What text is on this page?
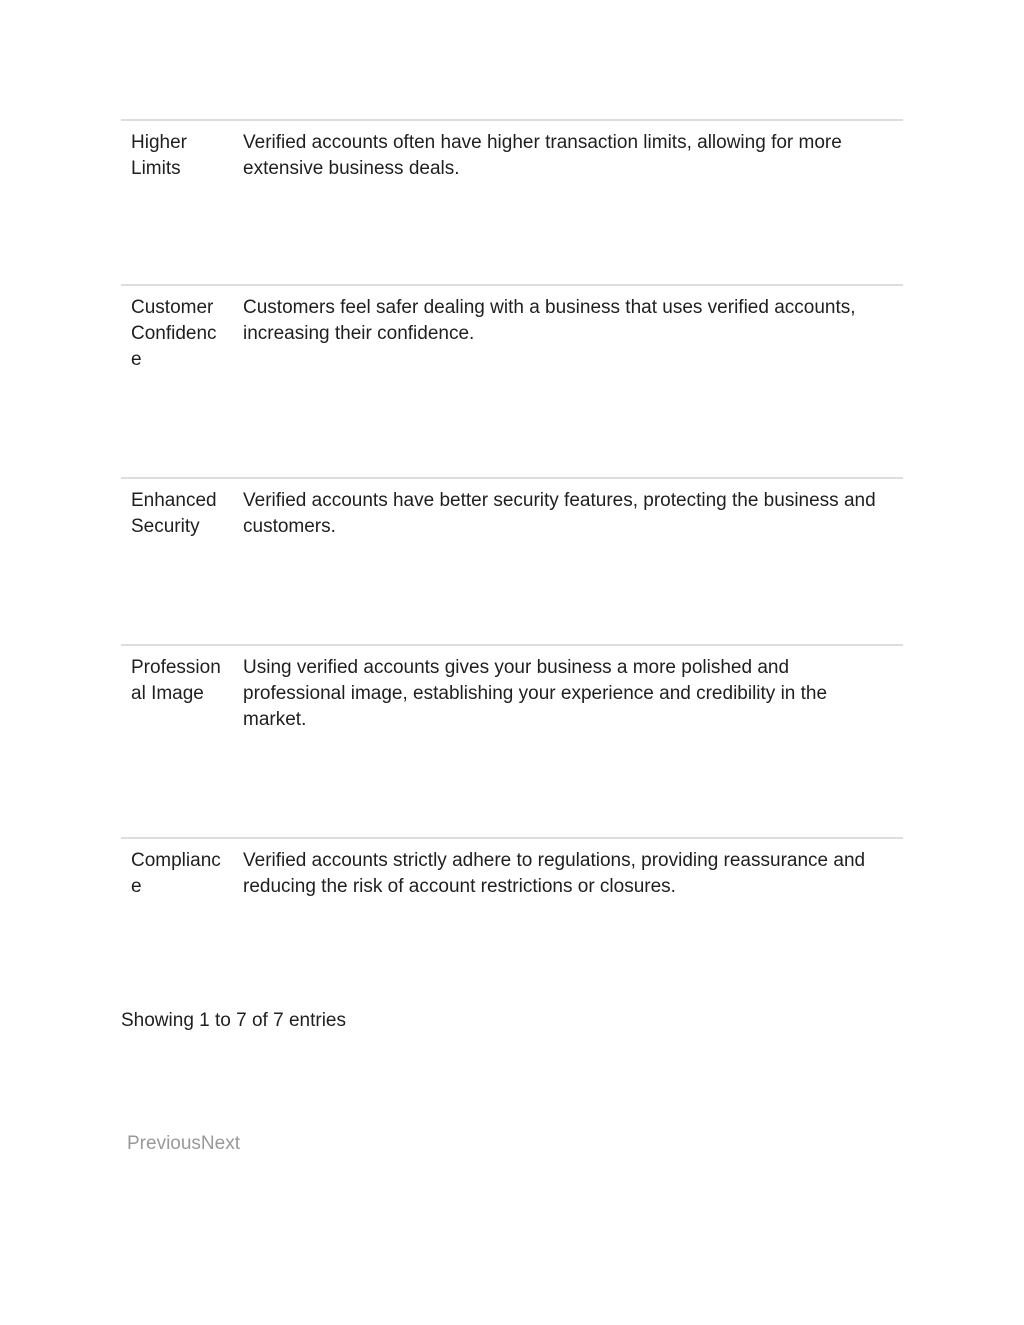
Higher Limits
Verified accounts often have higher transaction limits, allowing for more extensive business deals.
Customer Confidence
Customers feel safer dealing with a business that uses verified accounts, increasing their confidence.
Enhanced Security
Verified accounts have better security features, protecting the business and customers.
Professional Image
Using verified accounts gives your business a more polished and professional image, establishing your experience and credibility in the market.
Compliance
Verified accounts strictly adhere to regulations, providing reassurance and reducing the risk of account restrictions or closures.
Showing 1 to 7 of 7 entries
PreviousNext
